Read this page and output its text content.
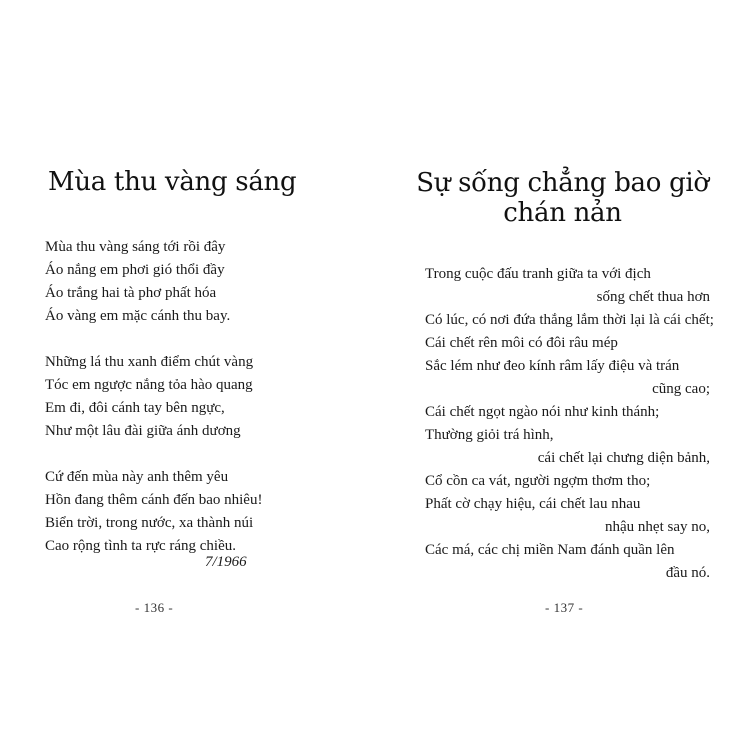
Mùa thu vàng sáng
Mùa thu vàng sáng tới rồi đây
Áo nắng em phơi gió thổi đầy
Áo trắng hai tà phơ phất hóa
Áo vàng em mặc cánh thu bay.
Những lá thu xanh điểm chút vàng
Tóc em ngược nắng tỏa hào quang
Em đi, đôi cánh tay bên ngực,
Như một lâu đài giữa ánh dương
Cứ đến mùa này anh thêm yêu
Hồn đang thêm cánh đến bao nhiêu!
Biển trời, trong nước, xa thành núi
Cao rộng tình ta rực ráng chiều.
7/1966
- 136 -
Sự sống chẳng bao giờ
chán nản
Trong cuộc đấu tranh giữa ta với địch
sống chết thua hơn
Có lúc, có nơi đứa thắng lắm thời lại là cái chết;
Cái chết rên môi có đôi râu mép
Sắc lém như đeo kính râm lấy điệu và trán
cũng cao;
Cái chết ngọt ngào nói như kinh thánh;
Thường giỏi trá hình,
cái chết lại chưng diện bảnh,
Cổ cồn ca vát, người ngợm thơm tho;
Phất cờ chạy hiệu, cái chết lau nhau
nhậu nhẹt say no,
Các má, các chị miền Nam đánh quần lên
đầu nó.
- 137 -
